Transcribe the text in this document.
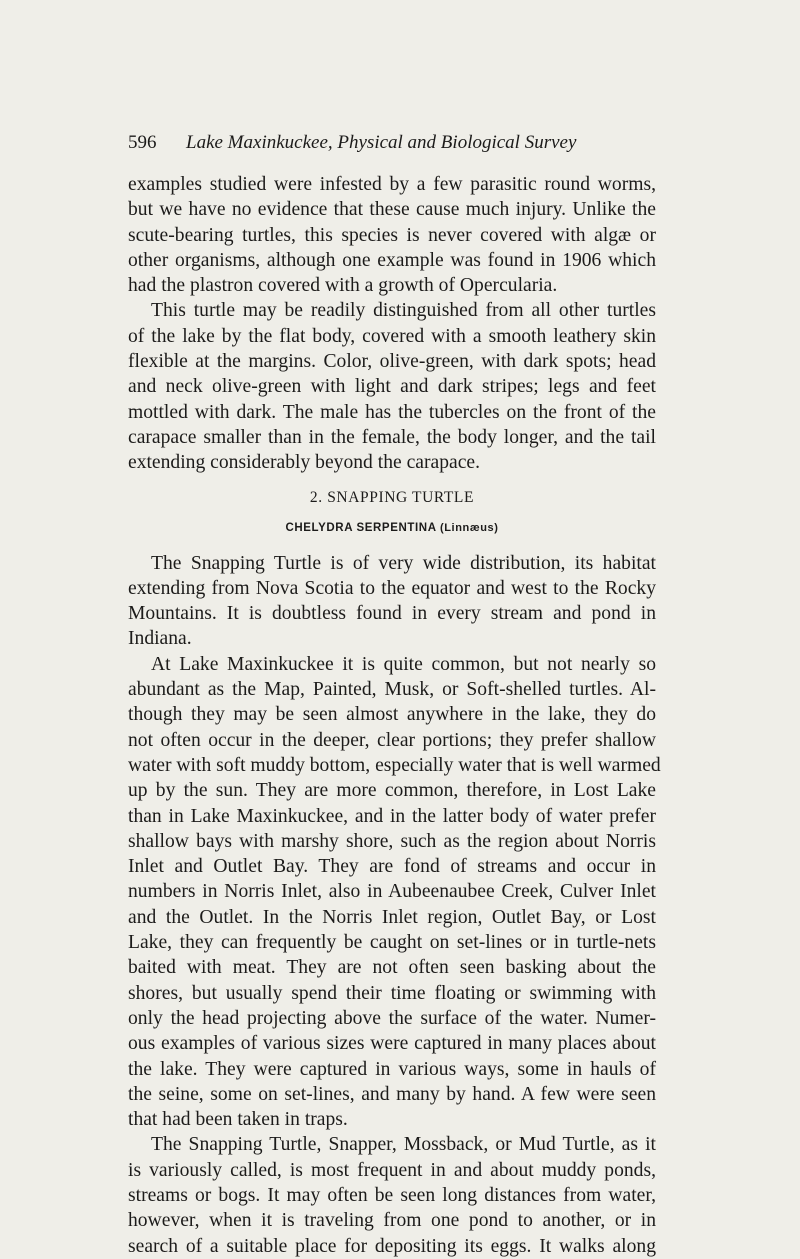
596 Lake Maxinkuckee, Physical and Biological Survey
examples studied were infested by a few parasitic round worms,
but we have no evidence that these cause much injury. Unlike the
scute-bearing turtles, this species is never covered with algæ or
other organisms, although one example was found in 1906 which
had the plastron covered with a growth of Opercularia.
This turtle may be readily distinguished from all other turtles
of the lake by the flat body, covered with a smooth leathery skin
flexible at the margins. Color, olive-green, with dark spots; head
and neck olive-green with light and dark stripes; legs and feet
mottled with dark. The male has the tubercles on the front of the
carapace smaller than in the female, the body longer, and the tail
extending considerably beyond the carapace.
2. SNAPPING TURTLE
CHELYDRA SERPENTINA (Linnæus)
The Snapping Turtle is of very wide distribution, its habitat
extending from Nova Scotia to the equator and west to the Rocky
Mountains. It is doubtless found in every stream and pond in
Indiana.
At Lake Maxinkuckee it is quite common, but not nearly so
abundant as the Map, Painted, Musk, or Soft-shelled turtles. Al-
though they may be seen almost anywhere in the lake, they do
not often occur in the deeper, clear portions; they prefer shallow
water with soft muddy bottom, especially water that is well warmed
up by the sun. They are more common, therefore, in Lost Lake
than in Lake Maxinkuckee, and in the latter body of water prefer
shallow bays with marshy shore, such as the region about Norris
Inlet and Outlet Bay. They are fond of streams and occur in
numbers in Norris Inlet, also in Aubeenaubee Creek, Culver Inlet
and the Outlet. In the Norris Inlet region, Outlet Bay, or Lost
Lake, they can frequently be caught on set-lines or in turtle-nets
baited with meat. They are not often seen basking about the
shores, but usually spend their time floating or swimming with
only the head projecting above the surface of the water. Numer-
ous examples of various sizes were captured in many places about
the lake. They were captured in various ways, some in hauls of
the seine, some on set-lines, and many by hand. A few were seen
that had been taken in traps.
The Snapping Turtle, Snapper, Mossback, or Mud Turtle, as it
is variously called, is most frequent in and about muddy ponds,
streams or bogs. It may often be seen long distances from water,
however, when it is traveling from one pond to another, or in
search of a suitable place for depositing its eggs. It walks along
